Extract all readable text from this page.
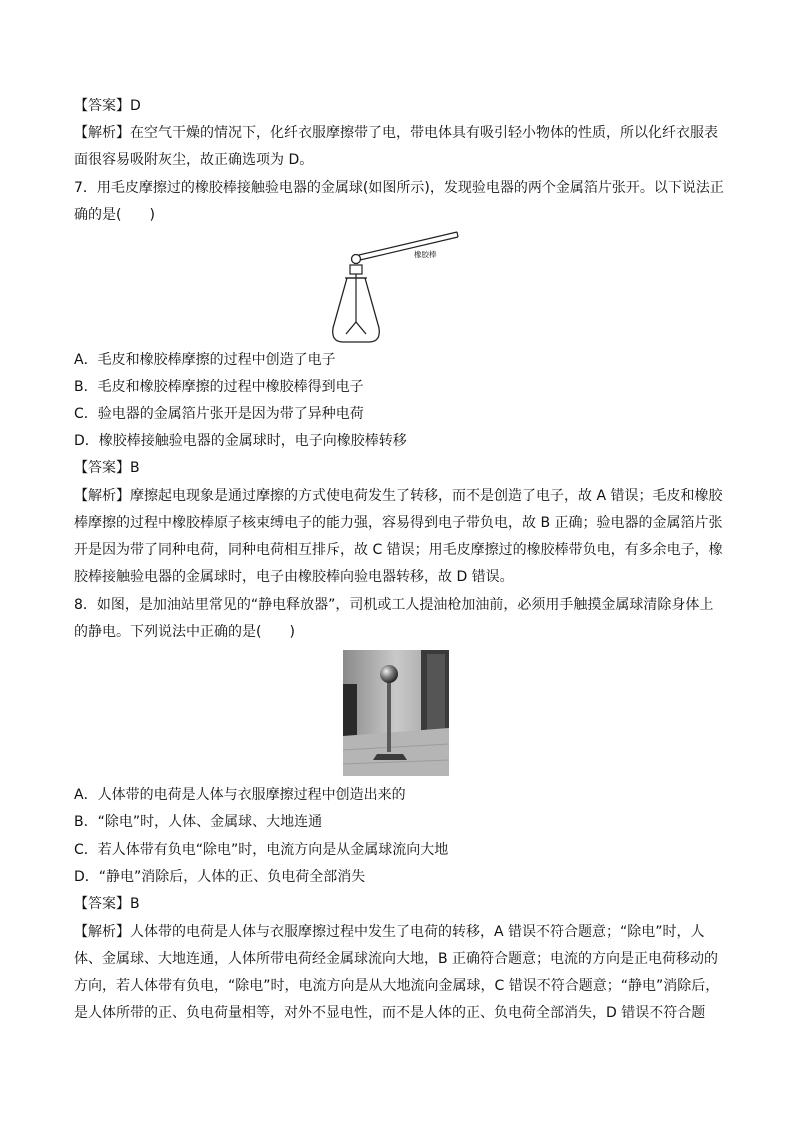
【答案】D
【解析】在空气干燥的情况下，化纤衣服摩擦带了电，带电体具有吸引轻小物体的性质，所以化纤衣服表
面很容易吸附灰尘，故正确选项为 D。
7．用毛皮摩擦过的橡胶棒接触验电器的金属球(如图所示)，发现验电器的两个金属箔片张开。以下说法正
确的是(　　)
橡胶棒
A．毛皮和橡胶棒摩擦的过程中创造了电子
B．毛皮和橡胶棒摩擦的过程中橡胶棒得到电子
C．验电器的金属箔片张开是因为带了异种电荷
D．橡胶棒接触验电器的金属球时，电子向橡胶棒转移
【答案】B
【解析】摩擦起电现象是通过摩擦的方式使电荷发生了转移，而不是创造了电子，故 A 错误；毛皮和橡胶
棒摩擦的过程中橡胶棒原子核束缚电子的能力强，容易得到电子带负电，故 B 正确；验电器的金属箔片张
开是因为带了同种电荷，同种电荷相互排斥，故 C 错误；用毛皮摩擦过的橡胶棒带负电，有多余电子，橡
胶棒接触验电器的金属球时，电子由橡胶棒向验电器转移，故 D 错误。
8．如图，是加油站里常见的“静电释放器”，司机或工人提油枪加油前，必须用手触摸金属球清除身体上
的静电。下列说法中正确的是(　　)
A．人体带的电荷是人体与衣服摩擦过程中创造出来的
B．“除电”时，人体、金属球、大地连通
C．若人体带有负电“除电”时，电流方向是从金属球流向大地
D．“静电”消除后，人体的正、负电荷全部消失
【答案】B
【解析】人体带的电荷是人体与衣服摩擦过程中发生了电荷的转移，A 错误不符合题意；“除电”时，人
体、金属球、大地连通，人体所带电荷经金属球流向大地，B 正确符合题意；电流的方向是正电荷移动的
方向，若人体带有负电，“除电”时，电流方向是从大地流向金属球，C 错误不符合题意；“静电”消除后，
是人体所带的正、负电荷量相等，对外不显电性，而不是人体的正、负电荷全部消失，D 错误不符合题
